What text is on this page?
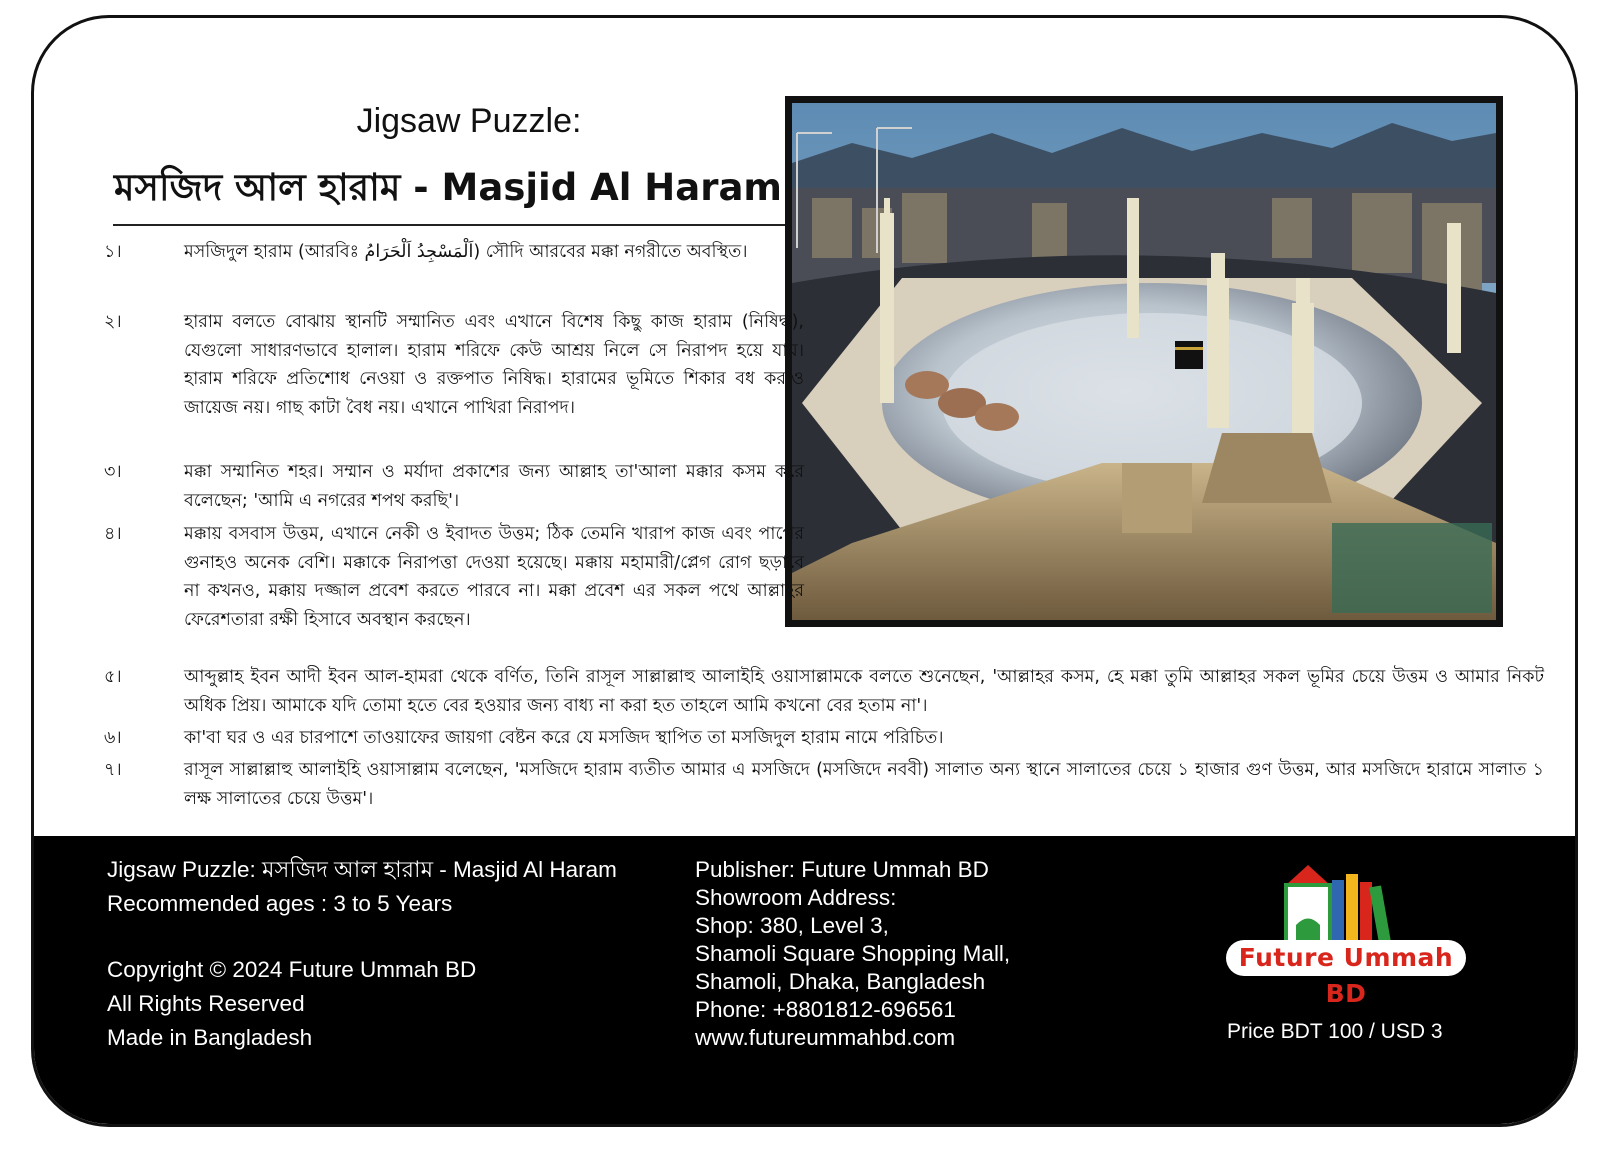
Jigsaw Puzzle:
মসজিদ আল হারাম - Masjid Al Haram
১।	মসজিদুল হারাম (আরবিঃ اَلْمَسْجِدُ اَلْحَرَامُ) সৌদি আরবের মক্কা নগরীতে অবস্থিত।
২।	হারাম বলতে বোঝায় স্থানটি সম্মানিত এবং এখানে বিশেষ কিছু কাজ হারাম (নিষিদ্ধ), যেগুলো সাধারণভাবে হালাল। হারাম শরিফে কেউ আশ্রয় নিলে সে নিরাপদ হয়ে যায়। হারাম শরিফে প্রতিশোধ নেওয়া ও রক্তপাত নিষিদ্ধ। হারামের ভূমিতে শিকার বধ করাও জায়েজ নয়। গাছ কাটা বৈধ নয়। এখানে পাখিরা নিরাপদ।
৩।	মক্কা সম্মানিত শহর। সম্মান ও মর্যাদা প্রকাশের জন্য আল্লাহ তা'আলা মক্কার কসম করে বলেছেন; 'আমি এ নগরের শপথ করছি'।
৪।	মক্কায় বসবাস উত্তম, এখানে নেকী ও ইবাদত উত্তম; ঠিক তেমনি খারাপ কাজ এবং পাপের গুনাহও অনেক বেশি। মক্কাকে নিরাপত্তা দেওয়া হয়েছে। মক্কায় মহামারী/প্লেগ রোগ ছড়াবে না কখনও, মক্কায় দজ্জাল প্রবেশ করতে পারবে না। মক্কা প্রবেশ এর সকল পথে আল্লাহর ফেরেশতারা রক্ষী হিসাবে অবস্থান করছেন।
৫।	আব্দুল্লাহ ইবন আদী ইবন আল-হামরা থেকে বর্ণিত, তিনি রাসূল সাল্লাল্লাহু আলাইহি ওয়াসাল্লামকে বলতে শুনেছেন, 'আল্লাহর কসম, হে মক্কা তুমি আল্লাহর সকল ভূমির চেয়ে উত্তম ও আমার নিকট অধিক প্রিয়। আমাকে যদি তোমা হতে বের হওয়ার জন্য বাধ্য না করা হত তাহলে আমি কখনো বের হতাম না'।
৬।	কা'বা ঘর ও এর চারপাশে তাওয়াফের জায়গা বেষ্টন করে যে মসজিদ স্থাপিত তা মসজিদুল হারাম নামে পরিচিত।
৭।	রাসূল সাল্লাল্লাহু আলাইহি ওয়াসাল্লাম বলেছেন, 'মসজিদে হারাম ব্যতীত আমার এ মসজিদে (মসজিদে নববী) সালাত অন্য স্থানে সালাতের চেয়ে ১ হাজার গুণ উত্তম, আর মসজিদে হারামে সালাত ১ লক্ষ সালাতের চেয়ে উত্তম'।
Jigsaw Puzzle: মসজিদ আল হারাম - Masjid Al Haram
Recommended ages : 3 to 5 Years
Copyright © 2024 Future Ummah BD
All Rights Reserved
Made in Bangladesh
Publisher: Future Ummah BD
Showroom Address:
Shop: 380, Level 3,
Shamoli Square Shopping Mall,
Shamoli, Dhaka, Bangladesh
Phone: +8801812-696561
www.futureummahbd.com
Future Ummah BD
Price BDT 100 / USD 3
